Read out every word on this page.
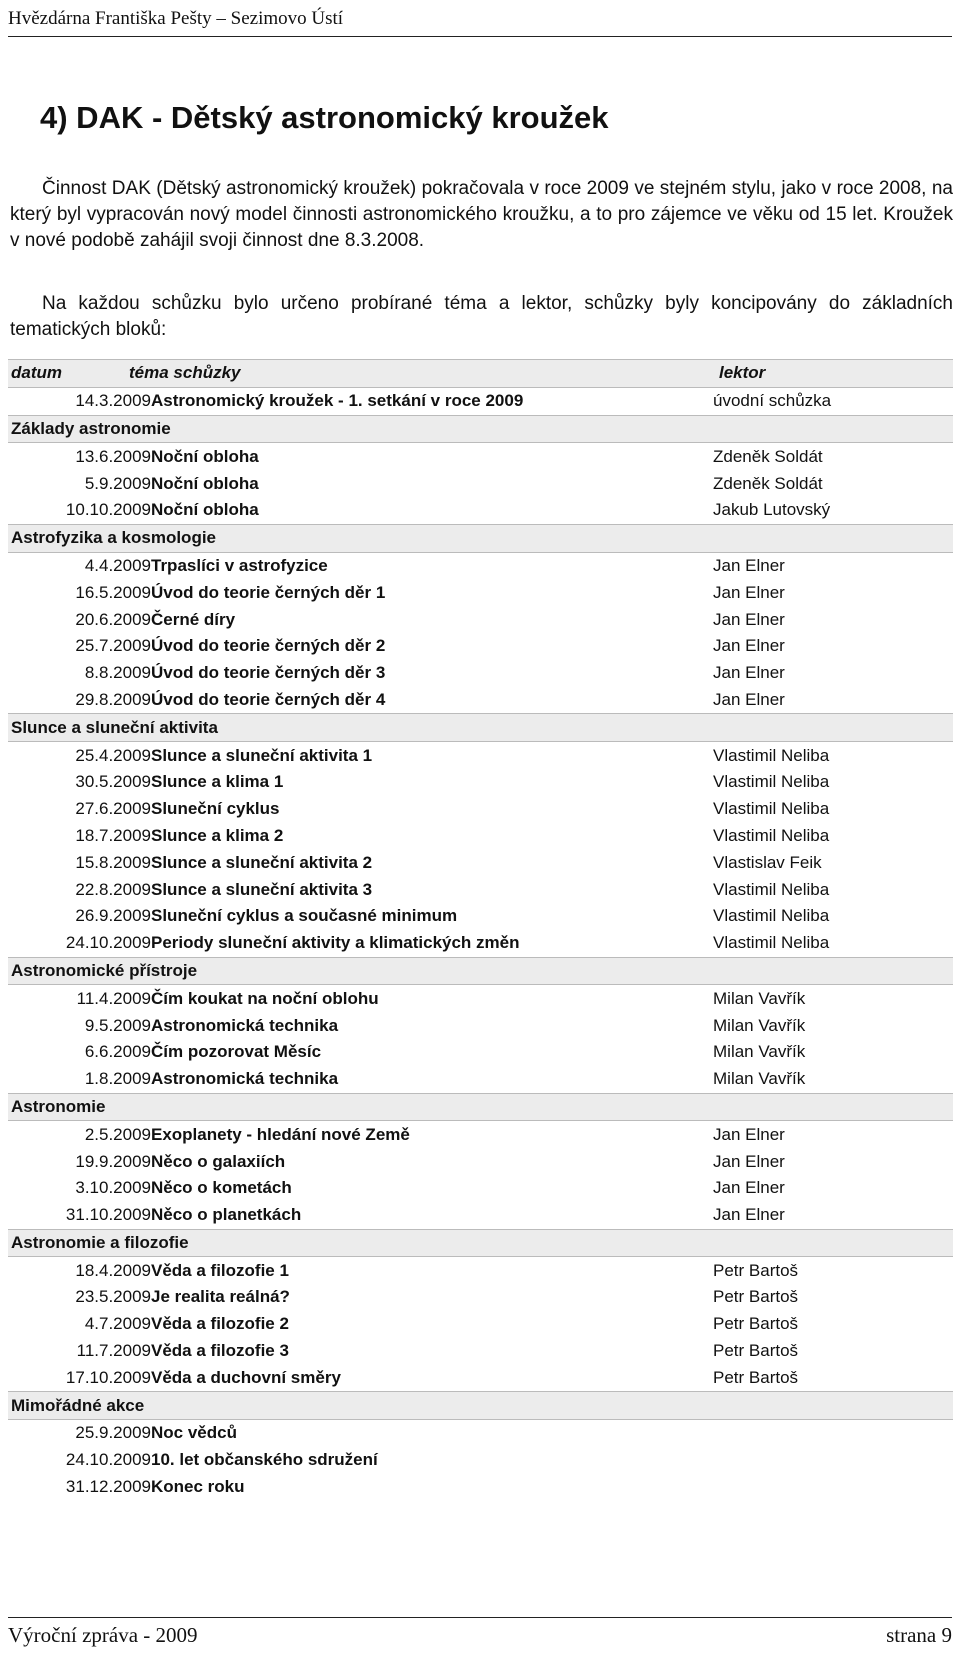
Hvězdárna Františka Pešty – Sezimovo Ústí
4) DAK - Dětský astronomický kroužek

Činnost DAK (Dětský astronomický kroužek) pokračovala v roce 2009 ve stejném stylu, jako v roce 2008, na který byl vypracován nový model činnosti astronomického kroužku, a to pro zájemce ve věku od 15 let. Kroužek v nové podobě zahájil svoji činnost dne 8.3.2008.

Na každou schůzku bylo určeno probírané téma a lektor, schůzky byly koncipovány do základních tematických bloků:

datum	téma schůzky	lektor
14.3.2009	Astronomický kroužek - 1. setkání v roce 2009	úvodní schůzka
Základy astronomie		
13.6.2009	Noční obloha	Zdeněk Soldát
5.9.2009	Noční obloha	Zdeněk Soldát
10.10.2009	Noční obloha	Jakub Lutovský
Astrofyzika a kosmologie		
4.4.2009	Trpaslíci v astrofyzice	Jan Elner
16.5.2009	Úvod do teorie černých děr 1	Jan Elner
20.6.2009	Černé díry	Jan Elner
25.7.2009	Úvod do teorie černých děr 2	Jan Elner
8.8.2009	Úvod do teorie černých děr 3	Jan Elner
29.8.2009	Úvod do teorie černých děr 4	Jan Elner
Slunce a sluneční aktivita		
25.4.2009	Slunce a sluneční aktivita 1	Vlastimil Neliba
30.5.2009	Slunce a klima 1	Vlastimil Neliba
27.6.2009	Sluneční cyklus	Vlastimil Neliba
18.7.2009	Slunce a klima 2	Vlastimil Neliba
15.8.2009	Slunce a sluneční aktivita 2	Vlastislav Feik
22.8.2009	Slunce a sluneční aktivita 3	Vlastimil Neliba
26.9.2009	Sluneční cyklus a současné minimum	Vlastimil Neliba
24.10.2009	Periody sluneční aktivity a klimatických změn	Vlastimil Neliba
Astronomické přístroje		
11.4.2009	Čím koukat na noční oblohu	Milan Vavřík
9.5.2009	Astronomická technika	Milan Vavřík
6.6.2009	Čím pozorovat Měsíc	Milan Vavřík
1.8.2009	Astronomická technika	Milan Vavřík
Astronomie		
2.5.2009	Exoplanety - hledání nové Země	Jan Elner
19.9.2009	Něco o galaxiích	Jan Elner
3.10.2009	Něco o kometách	Jan Elner
31.10.2009	Něco o planetkách	Jan Elner
Astronomie a filozofie		
18.4.2009	Věda a filozofie 1	Petr Bartoš
23.5.2009	Je realita reálná?	Petr Bartoš
4.7.2009	Věda a filozofie 2	Petr Bartoš
11.7.2009	Věda a filozofie 3	Petr Bartoš
17.10.2009	Věda a duchovní směry	Petr Bartoš
Mimořádné akce		
25.9.2009	Noc vědců	
24.10.2009	10. let občanského sdružení	
31.12.2009	Konec roku	
Výroční zpráva - 2009	strana 9
